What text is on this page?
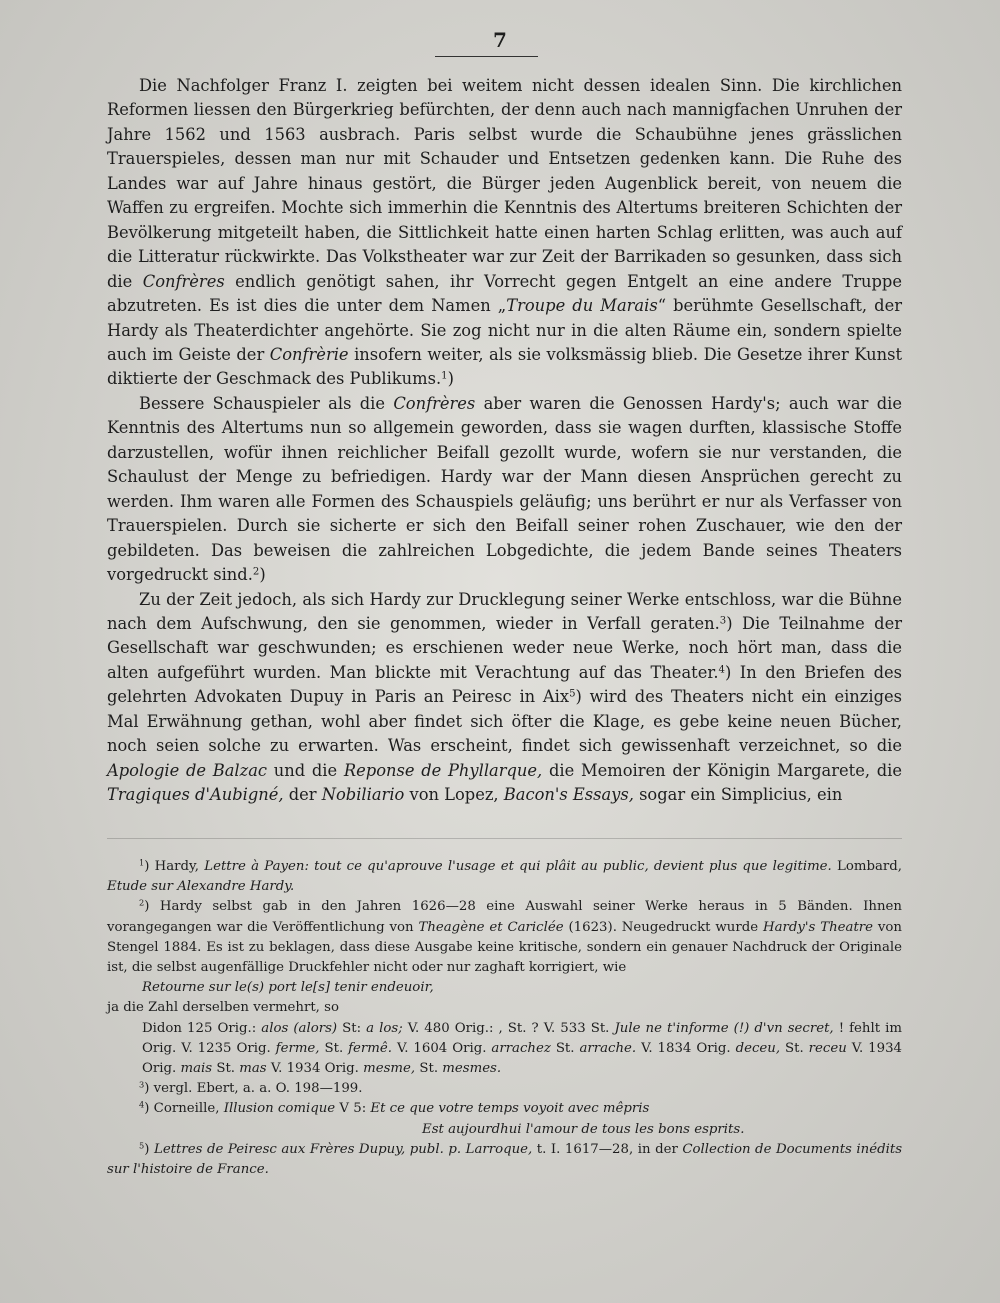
7

Die Nachfolger Franz I. zeigten bei weitem nicht dessen idealen Sinn. Die kirchlichen Reformen liessen den Bürgerkrieg befürchten, der denn auch nach mannigfachen Unruhen der Jahre 1562 und 1563 ausbrach. Paris selbst wurde die Schaubühne jenes grässlichen Trauerspieles, dessen man nur mit Schauder und Entsetzen gedenken kann. Die Ruhe des Landes war auf Jahre hinaus gestört, die Bürger jeden Augenblick bereit, von neuem die Waffen zu ergreifen. Mochte sich immerhin die Kenntnis des Altertums breiteren Schichten der Bevölkerung mitgeteilt haben, die Sittlichkeit hatte einen harten Schlag erlitten, was auch auf die Litteratur rückwirkte. Das Volkstheater war zur Zeit der Barrikaden so gesunken, dass sich die Confrères endlich genötigt sahen, ihr Vorrecht gegen Entgelt an eine andere Truppe abzutreten. Es ist dies die unter dem Namen „Troupe du Marais“ berühmte Gesellschaft, der Hardy als Theaterdichter angehörte. Sie zog nicht nur in die alten Räume ein, sondern spielte auch im Geiste der Confrèrie insofern weiter, als sie volksmässig blieb. Die Gesetze ihrer Kunst diktierte der Geschmack des Publikums.$^1$)

Bessere Schauspieler als die Confrères aber waren die Genossen Hardy's; auch war die Kenntnis des Altertums nun so allgemein geworden, dass sie wagen durften, klassische Stoffe darzustellen, wofür ihnen reichlicher Beifall gezollt wurde, wofern sie nur verstanden, die Schaulust der Menge zu befriedigen. Hardy war der Mann diesen Ansprüchen gerecht zu werden. Ihm waren alle Formen des Schauspiels geläufig; uns berührt er nur als Verfasser von Trauerspielen. Durch sie sicherte er sich den Beifall seiner rohen Zuschauer, wie den der gebildeten. Das beweisen die zahlreichen Lobgedichte, die jedem Bande seines Theaters vorgedruckt sind.$^2$)

Zu der Zeit jedoch, als sich Hardy zur Drucklegung seiner Werke entschloss, war die Bühne nach dem Aufschwung, den sie genommen, wieder in Verfall geraten.$^3$) Die Teilnahme der Gesellschaft war geschwunden; es erschienen weder neue Werke, noch hört man, dass die alten aufgeführt wurden. Man blickte mit Verachtung auf das Theater.$^4$) In den Briefen des gelehrten Advokaten Dupuy in Paris an Peiresc in Aix$^5$) wird des Theaters nicht ein einziges Mal Erwähnung gethan, wohl aber findet sich öfter die Klage, es gebe keine neuen Bücher, noch seien solche zu erwarten. Was erscheint, findet sich gewissenhaft verzeichnet, so die Apologie de Balzac und die Reponse de Phyllarque, die Memoiren der Königin Margarete, die Tragiques d'Aubigné, der Nobiliario von Lopez, Bacon's Essays, sogar ein Simplicius, ein

$^1$) Hardy, Lettre à Payen: tout ce qu'aprouve l'usage et qui plâit au public, devient plus que legitime. Lombard, Etude sur Alexandre Hardy.

$^2$) Hardy selbst gab in den Jahren 1626—28 eine Auswahl seiner Werke heraus in 5 Bänden. Ihnen vorangegangen war die Veröffentlichung von Theagène et Cariclée (1623). Neugedruckt wurde Hardy's Theatre von Stengel 1884. Es ist zu beklagen, dass diese Ausgabe keine kritische, sondern ein genauer Nachdruck der Originale ist, die selbst augenfällige Druckfehler nicht oder nur zaghaft korrigiert, wie

Retourne sur le(s) port le[s] tenir endeuoir,

ja die Zahl derselben vermehrt, so

Didon 125 Orig.: alos (alors) St: a los; V. 480 Orig.: , St. ? V. 533 St. Jule ne t'informe (!) d'vn secret, ! fehlt im Orig. V. 1235 Orig. ferme, St. fermê. V. 1604 Orig. arrachez St. arrache. V. 1834 Orig. deceu, St. receu V. 1934 Orig. mais St. mas V. 1934 Orig. mesme, St. mesmes.

$^3$) vergl. Ebert, a. a. O. 198—199.

$^4$) Corneille, Illusion comique V 5: Et ce que votre temps voyoit avec mêpris

Est aujourdhui l'amour de tous les bons esprits.

$^5$) Lettres de Peiresc aux Frères Dupuy, publ. p. Larroque, t. I. 1617—28, in der Collection de Documents inédits sur l'histoire de France.
